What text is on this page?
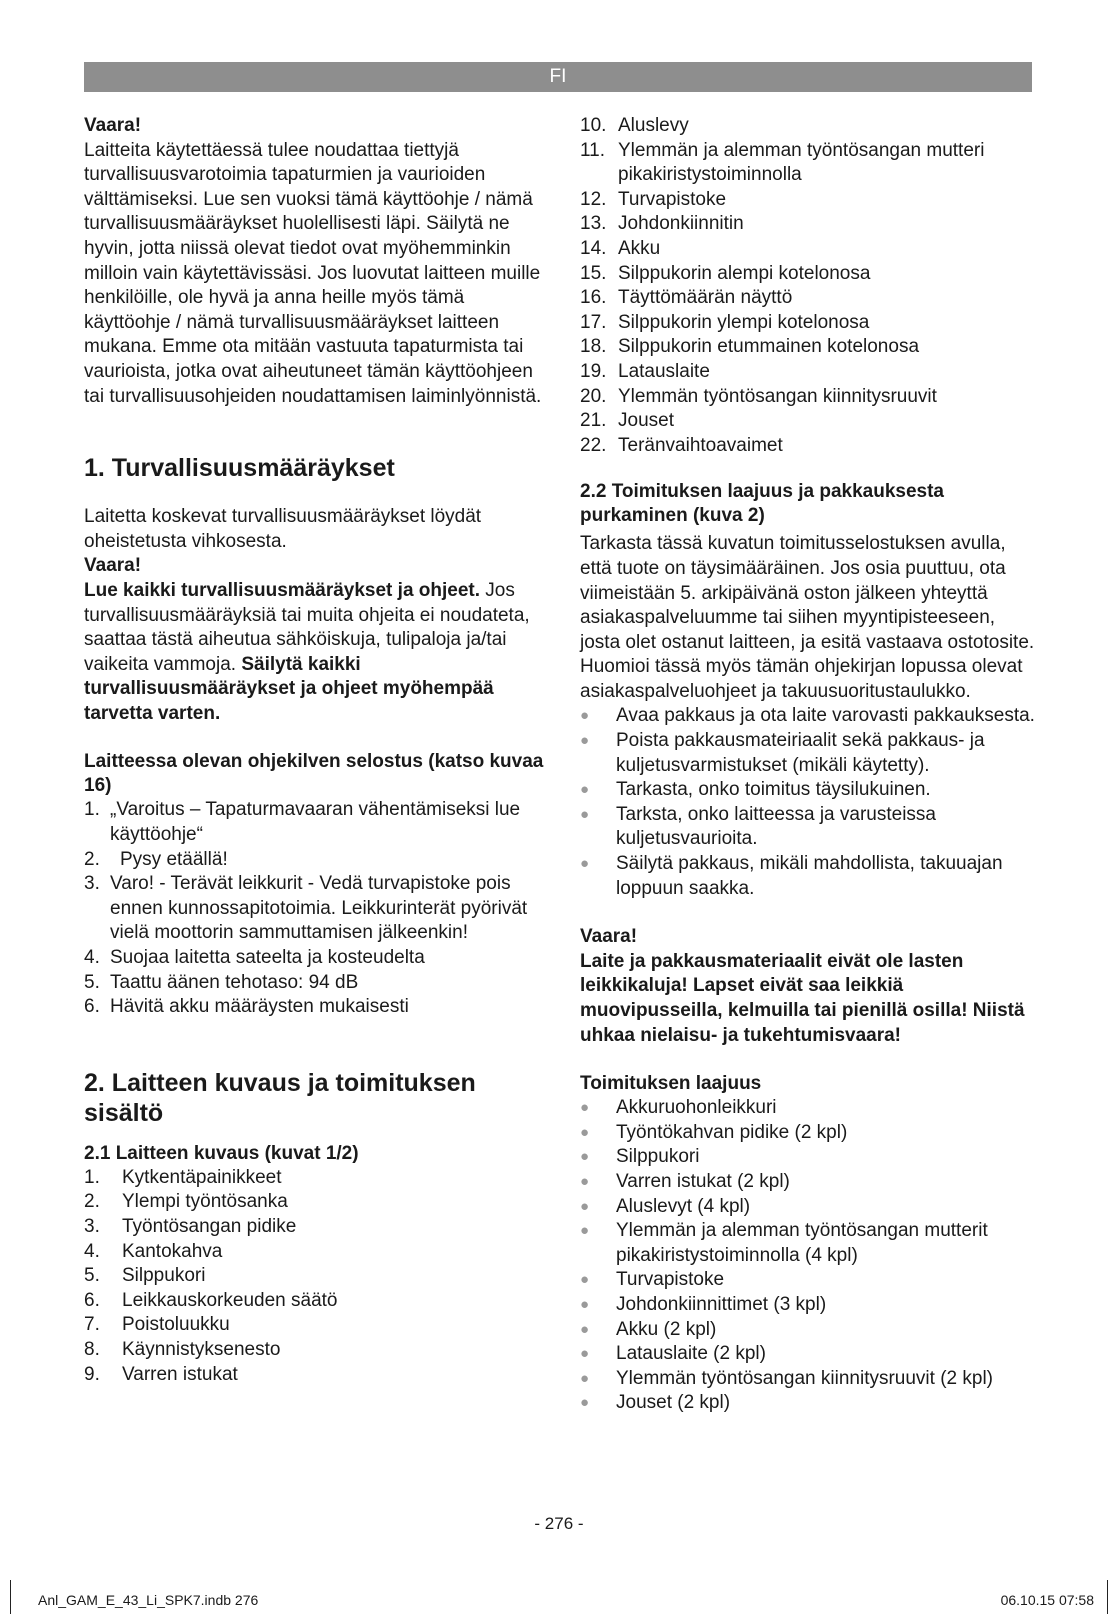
FI

Vaara!

Laitteita käytettäessä tulee noudattaa tiettyjä turvallisuusvarotoimia tapaturmien ja vaurioiden välttämiseksi. Lue sen vuoksi tämä käyttöohje / nämä turvallisuusmääräykset huolellisesti läpi. Säilytä ne hyvin, jotta niissä olevat tiedot ovat myöhemminkin milloin vain käytettävissäsi. Jos luovutat laitteen muille henkilöille, ole hyvä ja anna heille myös tämä käyttöohje / nämä turvallisuusmääräykset laitteen mukana. Emme ota mitään vastuuta tapaturmista tai vaurioista, jotka ovat aiheutuneet tämän käyttöohjeen tai turvallisuusohjeiden noudattamisen laiminlyönnistä.

1. Turvallisuusmääräykset

Laitetta koskevat turvallisuusmääräykset löydät oheistetusta vihkosesta.

Vaara!

Lue kaikki turvallisuusmääräykset ja ohjeet. Jos turvallisuusmääräyksiä tai muita ohjeita ei noudateta, saattaa tästä aiheutua sähköiskuja, tulipaloja ja/tai vaikeita vammoja. Säilytä kaikki turvallisuusmääräykset ja ohjeet myöhempää tarvetta varten.

Laitteessa olevan ohjekilven selostus (katso kuvaa 16)
1. „Varoitus – Tapaturmavaaran vähentämiseksi lue käyttöohje“
2.	Pysy etäällä!
3. Varo! - Terävät leikkurit - Vedä turvapistoke pois ennen kunnossapitotoimia. Leikkurinterät pyörivät vielä moottorin sammuttamisen jälkeenkin!
4. Suojaa laitetta sateelta ja kosteudelta
5. Taattu äänen tehotaso: 94 dB
6. Hävitä akku määräysten mukaisesti
2. Laitteen kuvaus ja toimituksen sisältö
2.1 Laitteen kuvaus (kuvat 1/2)
1.	Kytkentäpainikkeet
2.	Ylempi työntösanka
3.	Työntösangan pidike
4.	Kantokahva
5.	Silppukori
6.	Leikkauskorkeuden säätö
7.	Poistoluukku
8.	Käynnistyksenesto
9.	Varren istukat
10. Aluslevy
11. Ylemmän ja alemman työntösangan mutteri pikakiristystoiminnolla
12. Turvapistoke
13. Johdonkiinnitin
14. Akku
15. Silppukorin alempi kotelonosa
16. Täyttömäärän näyttö
17. Silppukorin ylempi kotelonosa
18. Silppukorin etummainen kotelonosa
19. Latauslaite
20. Ylemmän työntösangan kiinnitysruuvit
21. Jouset
22. Teränvaihtoavaimet
2.2 Toimituksen laajuus ja pakkauksesta purkaminen (kuva 2)

Tarkasta tässä kuvatun toimitusselostuksen avulla, että tuote on täysimääräinen. Jos osia puuttuu, ota viimeistään 5. arkipäivänä oston jälkeen yhteyttä asiakaspalveluumme tai siihen myyntipisteeseen, josta olet ostanut laitteen, ja esitä vastaava ostotosite. Huomioi tässä myös tämän ohjekirjan lopussa olevat asiakaspalveluohjeet ja takuusuoritustaulukko.

●	Avaa pakkaus ja ota laite varovasti pakkauksesta.
●	Poista pakkausmateiriaalit sekä pakkaus- ja kuljetusvarmistukset (mikäli käytetty).
●	Tarkasta, onko toimitus täysilukuinen.
●	Tarksta, onko laitteessa ja varusteissa kuljetusvaurioita.
●	Säilytä pakkaus, mikäli mahdollista, takuuajan loppuun saakka.

Vaara!

Laite ja pakkausmateriaalit eivät ole lasten leikkikaluja! Lapset eivät saa leikkiä muovipusseilla, kelmuilla tai pienillä osilla! Niistä uhkaa nielaisu- ja tukehtumisvaara!

Toimituksen laajuus
●	Akkuruohonleikkuri
●	Työntökahvan pidike (2 kpl)
●	Silppukori
●	Varren istukat (2 kpl)
●	Aluslevyt (4 kpl)
●	Ylemmän ja alemman työntösangan mutterit pikakiristystoiminnolla (4 kpl)
●	Turvapistoke
●	Johdonkiinnittimet (3 kpl)
●	Akku (2 kpl)
●	Latauslaite (2 kpl)
●	Ylemmän työntösangan kiinnitysruuvit (2 kpl)
●	Jouset (2 kpl)
- 276 -
Anl_GAM_E_43_Li_SPK7.indb 276	06.10.15 07:58
